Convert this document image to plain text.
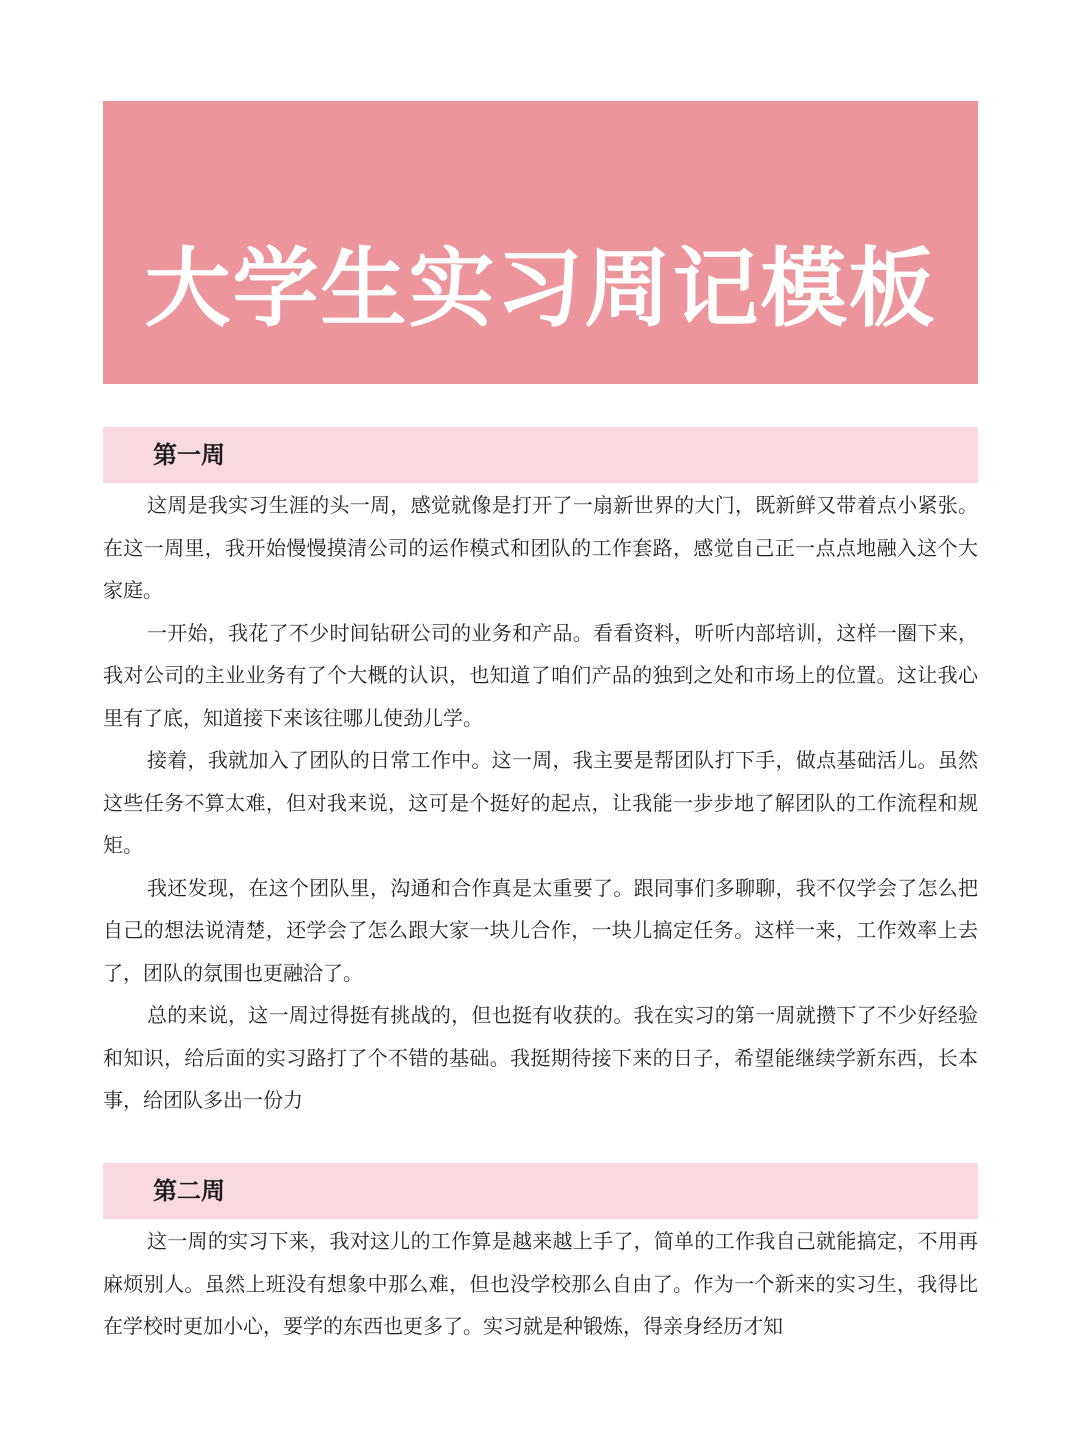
大学生实习周记模板
第一周

这周是我实习生涯的头一周，感觉就像是打开了一扇新世界的大门，既新鲜又带着点小紧张。在这一周里，我开始慢慢摸清公司的运作模式和团队的工作套路，感觉自己正一点点地融入这个大家庭。

一开始，我花了不少时间钻研公司的业务和产品。看看资料，听听内部培训，这样一圈下来，我对公司的主业业务有了个大概的认识，也知道了咱们产品的独到之处和市场上的位置。这让我心里有了底，知道接下来该往哪儿使劲儿学。

接着，我就加入了团队的日常工作中。这一周，我主要是帮团队打下手，做点基础活儿。虽然这些任务不算太难，但对我来说，这可是个挺好的起点，让我能一步步地了解团队的工作流程和规矩。

我还发现，在这个团队里，沟通和合作真是太重要了。跟同事们多聊聊，我不仅学会了怎么把自己的想法说清楚，还学会了怎么跟大家一块儿合作，一块儿搞定任务。这样一来，工作效率上去了，团队的氛围也更融洽了。

总的来说，这一周过得挺有挑战的，但也挺有收获的。我在实习的第一周就攒下了不少好经验和知识，给后面的实习路打了个不错的基础。我挺期待接下来的日子，希望能继续学新东西，长本事，给团队多出一份力

第二周

这一周的实习下来，我对这儿的工作算是越来越上手了，简单的工作我自己就能搞定，不用再麻烦别人。虽然上班没有想象中那么难，但也没学校那么自由了。作为一个新来的实习生，我得比在学校时更加小心，要学的东西也更多了。实习就是种锻炼，得亲身经历才知
